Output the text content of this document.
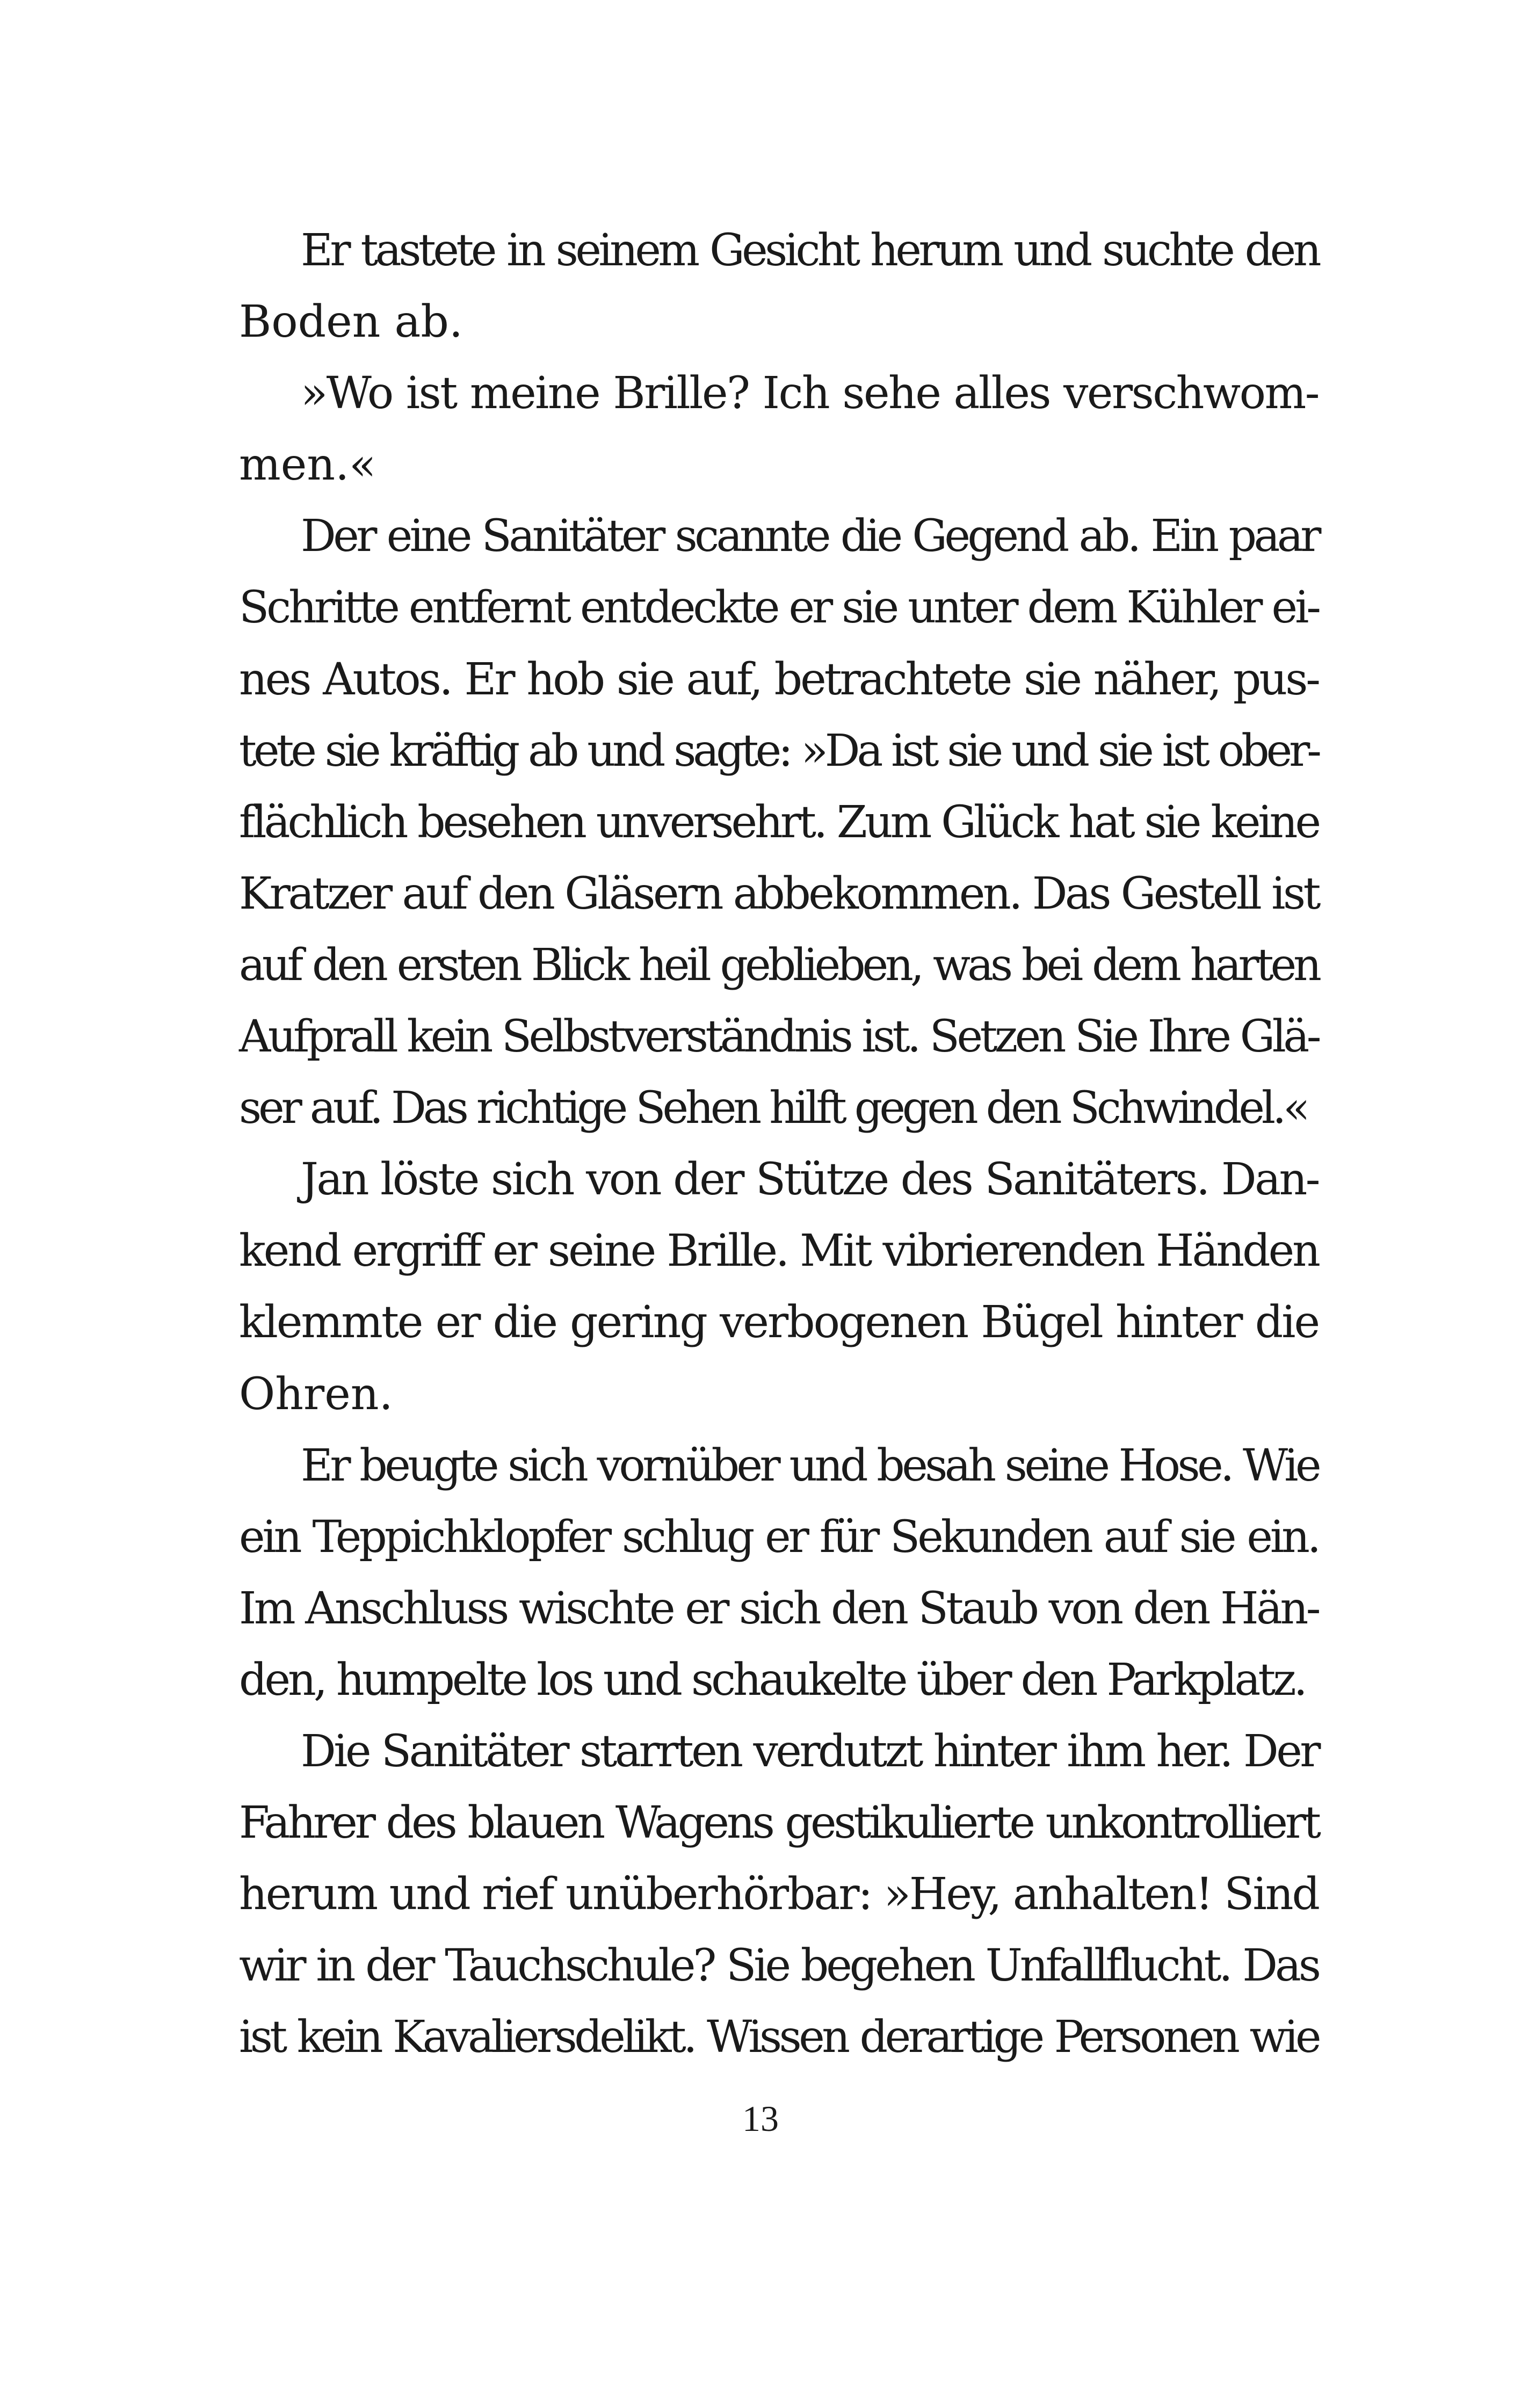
Er tastete in seinem Gesicht herum und suchte den
Boden ab.
»Wo ist meine Brille? Ich sehe alles verschwom-
men.«
Der eine Sanitäter scannte die Gegend ab. Ein paar
Schritte entfernt entdeckte er sie unter dem Kühler ei-
nes Autos. Er hob sie auf, betrachtete sie näher, pus-
tete sie kräftig ab und sagte: »Da ist sie und sie ist ober-
flächlich besehen unversehrt. Zum Glück hat sie keine
Kratzer auf den Gläsern abbekommen. Das Gestell ist
auf den ersten Blick heil geblieben, was bei dem harten
Aufprall kein Selbstverständnis ist. Setzen Sie Ihre Glä-
ser auf. Das richtige Sehen hilft gegen den Schwindel.«
Jan löste sich von der Stütze des Sanitäters. Dan-
kend ergriff er seine Brille. Mit vibrierenden Händen
klemmte er die gering verbogenen Bügel hinter die
Ohren.
Er beugte sich vornüber und besah seine Hose. Wie
ein Teppichklopfer schlug er für Sekunden auf sie ein.
Im Anschluss wischte er sich den Staub von den Hän-
den, humpelte los und schaukelte über den Parkplatz.
Die Sanitäter starrten verdutzt hinter ihm her. Der
Fahrer des blauen Wagens gestikulierte unkontrolliert
herum und rief unüberhörbar: »Hey, anhalten! Sind
wir in der Tauchschule? Sie begehen Unfallflucht. Das
ist kein Kavaliersdelikt. Wissen derartige Personen wie
13
